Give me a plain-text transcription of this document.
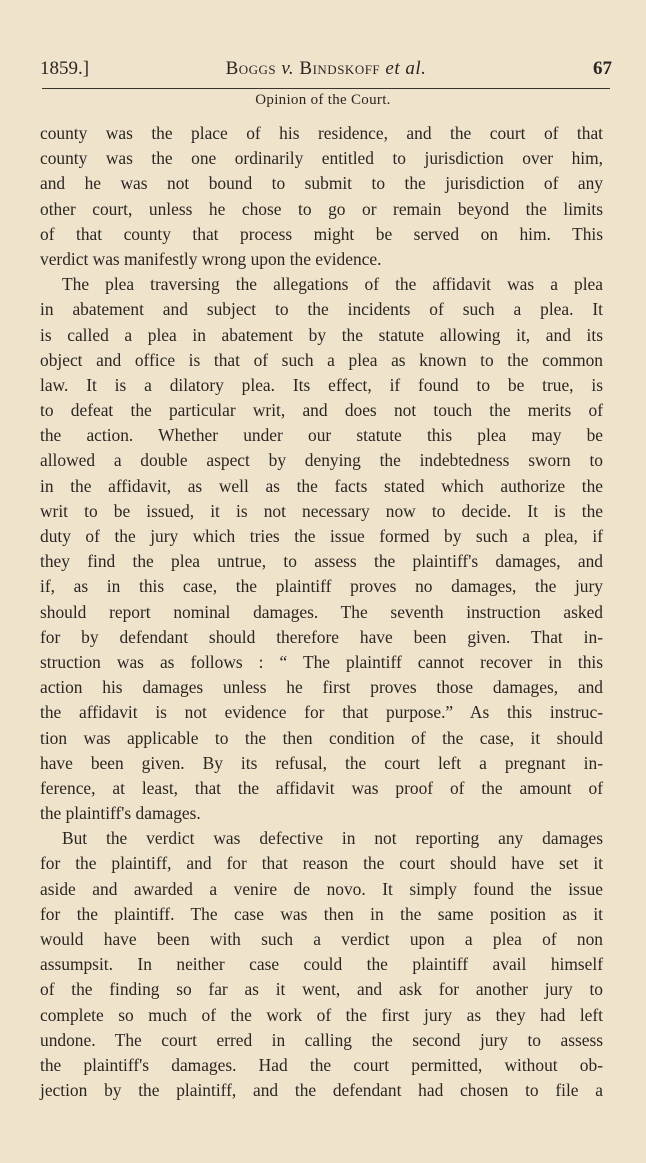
1859.]	Boggs v. Bindskoff et al.	67
Opinion of the Court.
county was the place of his residence, and the court of that
county was the one ordinarily entitled to jurisdiction over him,
and he was not bound to submit to the jurisdiction of any
other court, unless he chose to go or remain beyond the limits
of that county that process might be served on him. This
verdict was manifestly wrong upon the evidence.
The plea traversing the allegations of the affidavit was a plea
in abatement and subject to the incidents of such a plea. It
is called a plea in abatement by the statute allowing it, and its
object and office is that of such a plea as known to the common
law. It is a dilatory plea. Its effect, if found to be true, is
to defeat the particular writ, and does not touch the merits of
the action. Whether under our statute this plea may be
allowed a double aspect by denying the indebtedness sworn to
in the affidavit, as well as the facts stated which authorize the
writ to be issued, it is not necessary now to decide. It is the
duty of the jury which tries the issue formed by such a plea, if
they find the plea untrue, to assess the plaintiff's damages, and
if, as in this case, the plaintiff proves no damages, the jury
should report nominal damages. The seventh instruction asked
for by defendant should therefore have been given. That in-
struction was as follows : “ The plaintiff cannot recover in this
action his damages unless he first proves those damages, and
the affidavit is not evidence for that purpose.” As this instruc-
tion was applicable to the then condition of the case, it should
have been given. By its refusal, the court left a pregnant in-
ference, at least, that the affidavit was proof of the amount of
the plaintiff's damages.
But the verdict was defective in not reporting any damages
for the plaintiff, and for that reason the court should have set it
aside and awarded a venire de novo. It simply found the issue
for the plaintiff. The case was then in the same position as it
would have been with such a verdict upon a plea of non
assumpsit. In neither case could the plaintiff avail himself
of the finding so far as it went, and ask for another jury to
complete so much of the work of the first jury as they had left
undone. The court erred in calling the second jury to assess
the plaintiff's damages. Had the court permitted, without ob-
jection by the plaintiff, and the defendant had chosen to file a
